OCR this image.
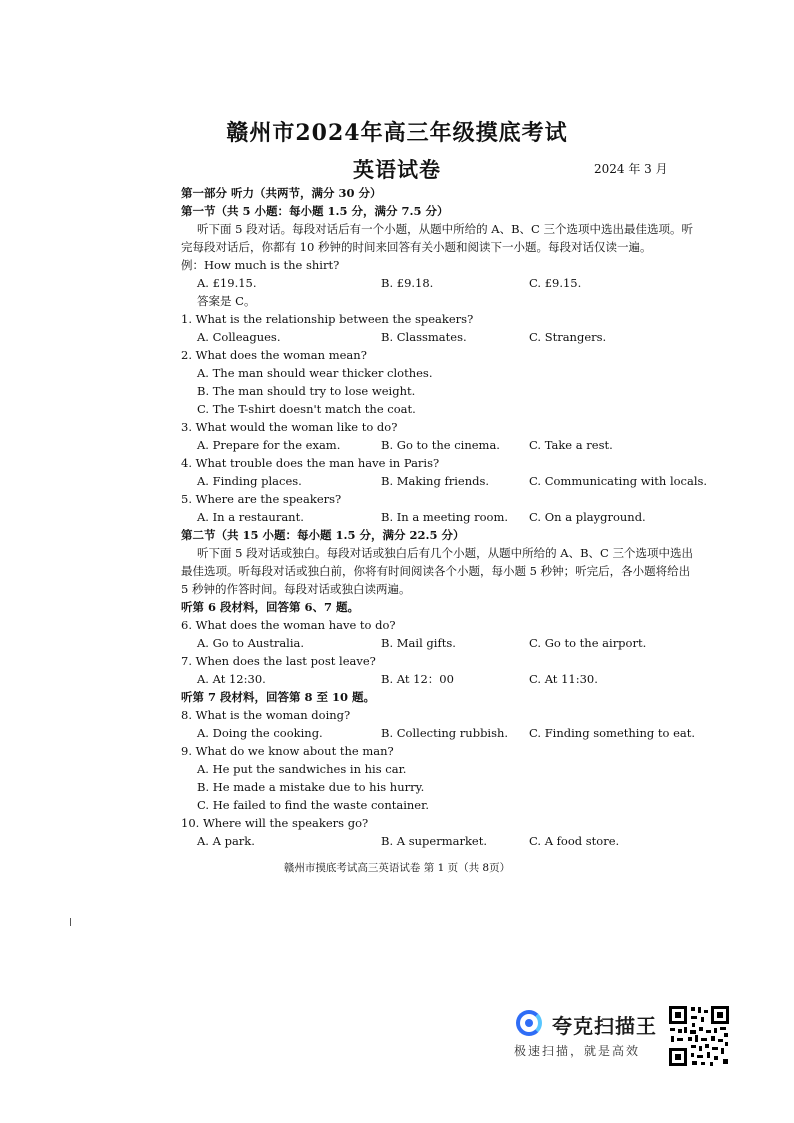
赣州市2024年高三年级摸底考试
英语试卷	2024 年 3 月
第一部分 听力（共两节，满分 30 分）
第一节（共 5 小题：每小题 1.5 分，满分 7.5 分）
听下面 5 段对话。每段对话后有一个小题，从题中所给的 A、B、C 三个选项中选出最佳选项。听完每段对话后，你都有 10 秒钟的时间来回答有关小题和阅读下一小题。每段对话仅读一遍。
例：How much is the shirt?
A. £19.15.	B. £9.18.	C. £9.15.
答案是 C。
1. What is the relationship between the speakers?
A. Colleagues.	B. Classmates.	C. Strangers.
2. What does the woman mean?
A. The man should wear thicker clothes.
B. The man should try to lose weight.
C. The T-shirt doesn't match the coat.
3. What would the woman like to do?
A. Prepare for the exam.	B. Go to the cinema.	C. Take a rest.
4. What trouble does the man have in Paris?
A. Finding places.	B. Making friends.	C. Communicating with locals.
5. Where are the speakers?
A. In a restaurant.	B. In a meeting room. C. On a playground.
第二节（共 15 小题：每小题 1.5 分，满分 22.5 分）
听下面 5 段对话或独白。每段对话或独白后有几个小题，从题中所给的 A、B、C 三个选项中选出最佳选项。听每段对话或独白前，你将有时间阅读各个小题，每小题 5 秒钟；听完后，各小题将给出 5 秒钟的作答时间。每段对话或独白读两遍。
听第 6 段材料，回答第 6、7 题。
6. What does the woman have to do?
A. Go to Australia.	B. Mail gifts.	C. Go to the airport.
7. When does the last post leave?
A. At 12:30.	B. At 12：00	C. At 11:30.
听第 7 段材料，回答第 8 至 10 题。
8. What is the woman doing?
A. Doing the cooking.	B. Collecting rubbish. C. Finding something to eat.
9. What do we know about the man?
A. He put the sandwiches in his car.
B. He made a mistake due to his hurry.
C. He failed to find the waste container.
10. Where will the speakers go?
A. A park.	B. A supermarket.	C. A food store.
赣州市摸底考试高三英语试卷 第 1 页（共 8页）
夸克扫描王
极速扫描，就是高效
